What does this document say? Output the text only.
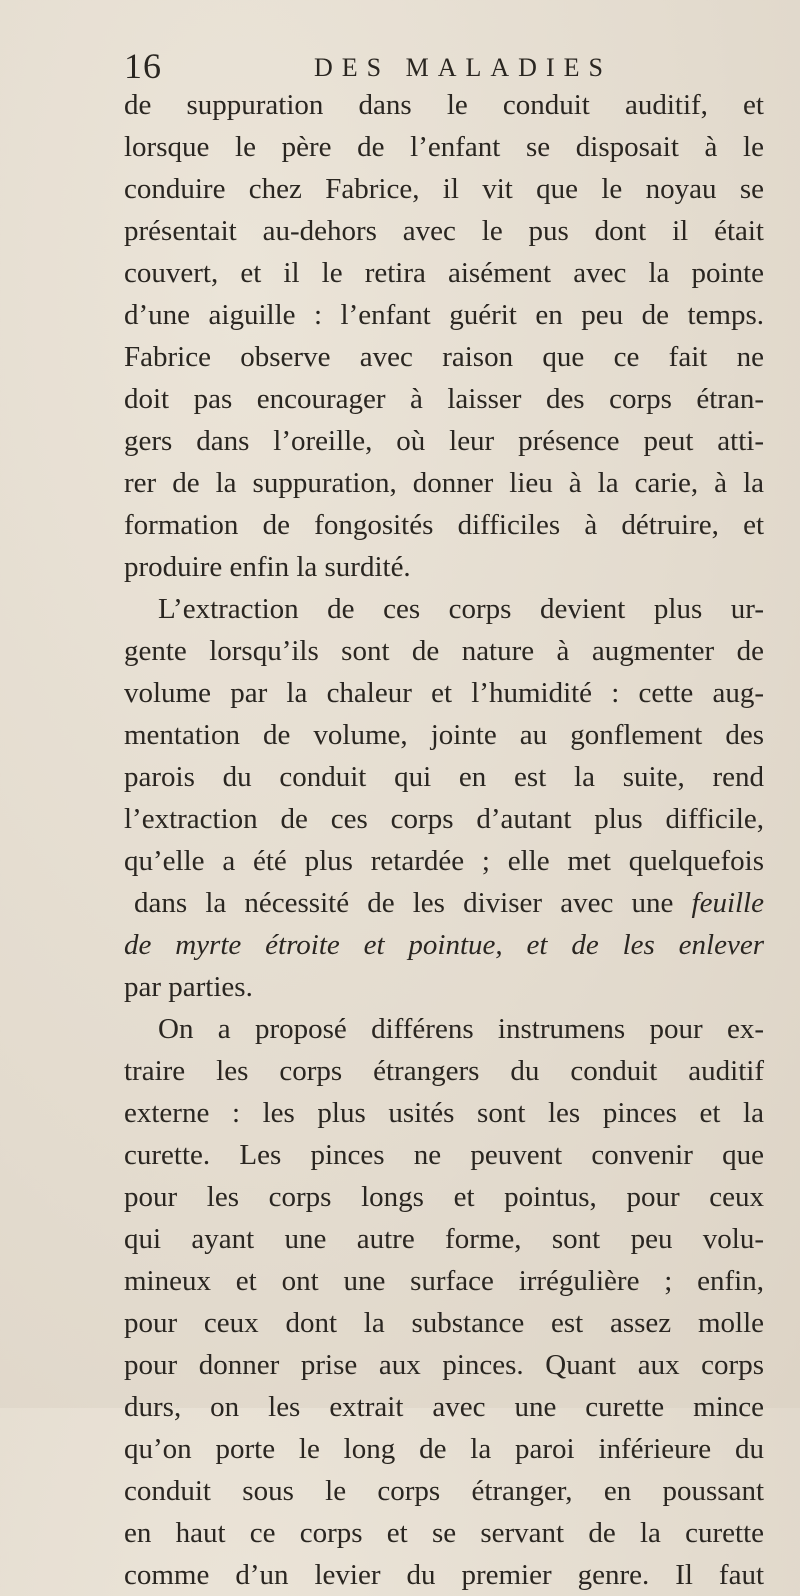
16	DES MALADIES
de suppuration dans le conduit auditif, et
lorsque le père de l’enfant se disposait à le
conduire chez Fabrice, il vit que le noyau se
présentait au-dehors avec le pus dont il était
couvert, et il le retira aisément avec la pointe
d’une aiguille : l’enfant guérit en peu de temps.
Fabrice observe avec raison que ce fait ne
doit pas encourager à laisser des corps étran-
gers dans l’oreille, où leur présence peut atti-
rer de la suppuration, donner lieu à la carie, à la
formation de fongosités difficiles à détruire, et
produire enfin la surdité.
L’extraction de ces corps devient plus ur-
gente lorsqu’ils sont de nature à augmenter de
volume par la chaleur et l’humidité : cette aug-
mentation de volume, jointe au gonflement des
parois du conduit qui en est la suite, rend
l’extraction de ces corps d’autant plus difficile,
qu’elle a été plus retardée ; elle met quelquefois
dans la nécessité de les diviser avec une feuille
de myrte étroite et pointue, et de les enlever
par parties.
On a proposé différens instrumens pour ex-
traire les corps étrangers du conduit auditif
externe : les plus usités sont les pinces et la
curette. Les pinces ne peuvent convenir que
pour les corps longs et pointus, pour ceux
qui ayant une autre forme, sont peu volu-
mineux et ont une surface irrégulière ; enfin,
pour ceux dont la substance est assez molle
pour donner prise aux pinces. Quant aux corps
durs, on les extrait avec une curette mince
qu’on porte le long de la paroi inférieure du
conduit sous le corps étranger, en poussant
en haut ce corps et se servant de la curette
comme d’un levier du premier genre. Il faut
